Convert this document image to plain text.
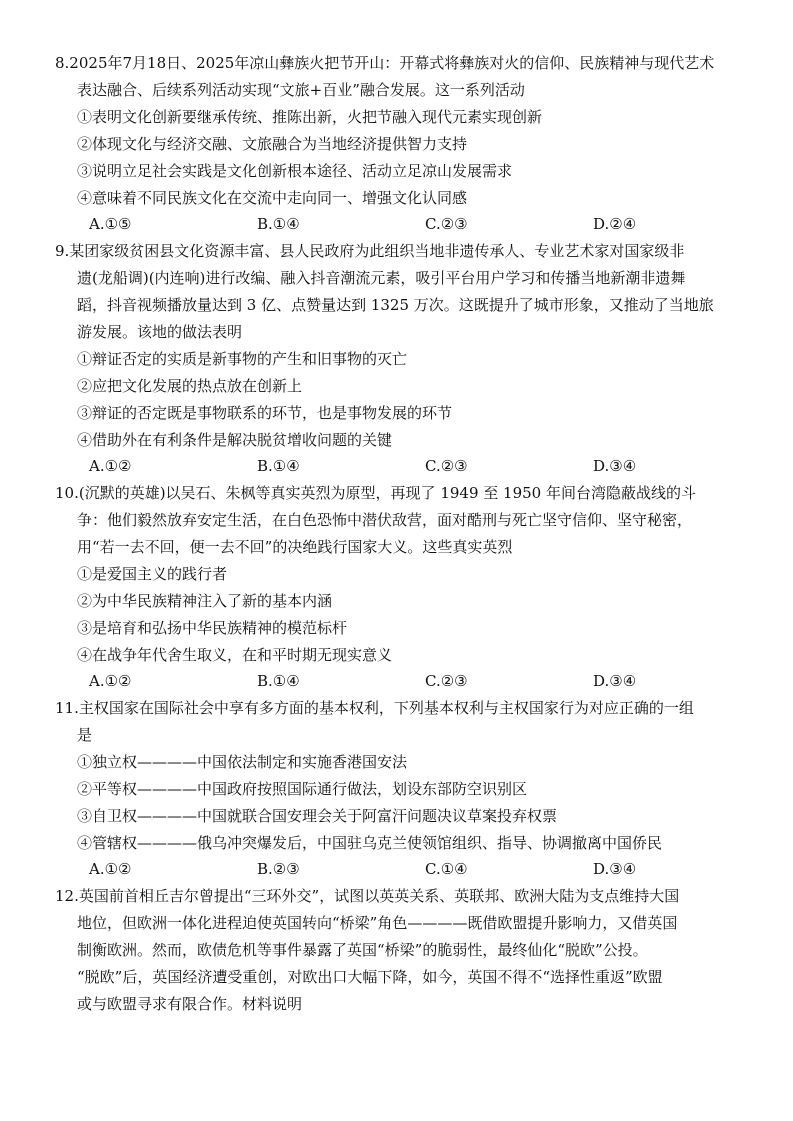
8.2025年7月18日、2025年凉山彝族火把节开山：开幕式将彝族对火的信仰、民族精神与现代艺术
表达融合、后续系列活动实现“文旅+百业”融合发展。这一系列活动
①表明文化创新要继承传统、推陈出新，火把节融入现代元素实现创新
②体现文化与经济交融、文旅融合为当地经济提供智力支持
③说明立足社会实践是文化创新根本途径、活动立足凉山发展需求
④意味着不同民族文化在交流中走向同一、增强文化认同感
A.①⑤	B.①④	C.②③	D.②④
9.某团家级贫困县文化资源丰富、县人民政府为此组织当地非遗传承人、专业艺术家对国家级非
遗(龙船调)(内连响)进行改编、融入抖音潮流元素，吸引平台用户学习和传播当地新潮非遗舞
蹈，抖音视频播放量达到 3 亿、点赞量达到 1325 万次。这既提升了城市形象，又推动了当地旅
游发展。该地的做法表明
①辩证否定的实质是新事物的产生和旧事物的灭亡
②应把文化发展的热点放在创新上
③辩证的否定既是事物联系的环节，也是事物发展的环节
④借助外在有利条件是解决脱贫增收问题的关键
A.①②	B.①④	C.②③	D.③④
10.(沉默的英雄)以吴石、朱枫等真实英烈为原型，再现了 1949 至 1950 年间台湾隐蔽战线的斗
争：他们毅然放弃安定生活，在白色恐怖中潜伏敌营，面对酷刑与死亡坚守信仰、坚守秘密，
用“若一去不回，便一去不回”的决绝践行国家大义。这些真实英烈
①是爱国主义的践行者
②为中华民族精神注入了新的基本内涵
③是培育和弘扬中华民族精神的模范标杆
④在战争年代舍生取义，在和平时期无现实意义
A.①②	B.①④	C.②③	D.③④
11.主权国家在国际社会中享有多方面的基本权利，下列基本权利与主权国家行为对应正确的一组
是
①独立权————中国依法制定和实施香港国安法
②平等权————中国政府按照国际通行做法，划设东部防空识别区
③自卫权————中国就联合国安理会关于阿富汗问题决议草案投弃权票
④管辖权————俄乌冲突爆发后，中国驻乌克兰使领馆组织、指导、协调撤离中国侨民
A.①②	B.②③	C.①④	D.③④
12.英国前首相丘吉尔曾提出“三环外交”，试图以英英关系、英联邦、欧洲大陆为支点维持大国
地位，但欧洲一体化进程迫使英国转向“桥梁”角色————既借欧盟提升影响力，又借英国
制衡欧洲。然而，欧债危机等事件暴露了英国“桥梁”的脆弱性，最终仙化“脱欧”公投。
“脱欧”后，英国经济遭受重创，对欧出口大幅下降，如今，英国不得不“选择性重返”欧盟
或与欧盟寻求有限合作。材料说明
